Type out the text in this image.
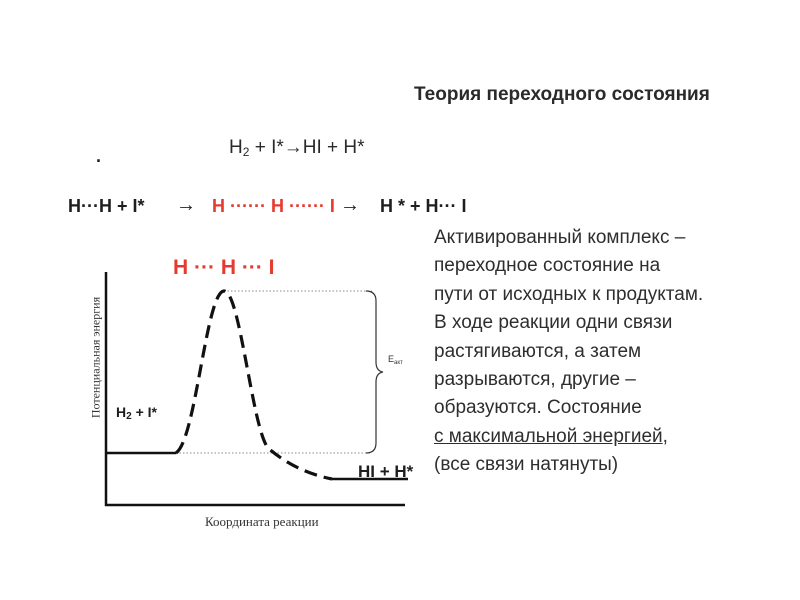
Теория переходного состояния
.	H2 + I*→HI + H*
H···H + I* → H ······ H ······ I → H * + H··· I
H ··· H ··· I
Активированный комплекс –
переходное состояние на
пути от исходных к продуктам.
В ходе реакции одни связи
растягиваются, а затем
разрываются, другие –
образуются. Состояние
с максимальной энергией,
(все связи натянуты)
Потенциальная энергия
Координата реакции
H2 + I*
HI + H*
$E_{акт}$
